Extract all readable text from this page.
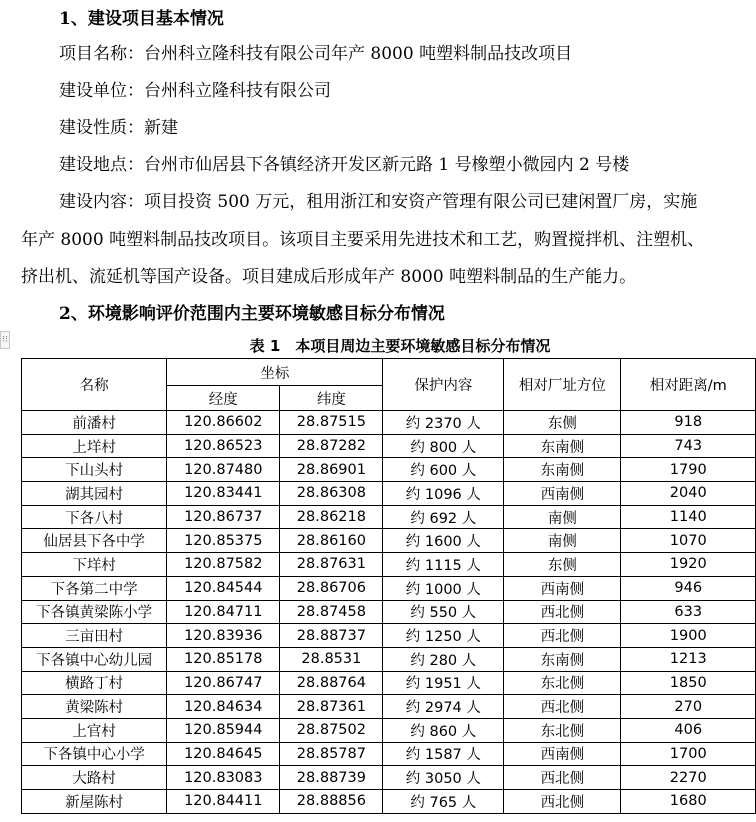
1、建设项目基本情况
项目名称：台州科立隆科技有限公司年产 8000 吨塑料制品技改项目
建设单位：台州科立隆科技有限公司
建设性质：新建
建设地点：台州市仙居县下各镇经济开发区新元路 1 号橡塑小微园内 2 号楼
建设内容：项目投资 500 万元，租用浙江和安资产管理有限公司已建闲置厂房，实施
年产 8000 吨塑料制品技改项目。该项目主要采用先进技术和工艺，购置搅拌机、注塑机、
挤出机、流延机等国产设备。项目建成后形成年产 8000 吨塑料制品的生产能力。
2、环境影响评价范围内主要环境敏感目标分布情况
⁝⁝	表 1　本项目周边主要环境敏感目标分布情况
名称	坐标		保护内容	相对厂址方位	相对距离/m
	经度	纬度			
前潘村	120.86602	28.87515	约 2370 人	东侧	918
上垟村	120.86523	28.87282	约 800 人	东南侧	743
下山头村	120.87480	28.86901	约 600 人	东南侧	1790
湖其园村	120.83441	28.86308	约 1096 人	西南侧	2040
下各八村	120.86737	28.86218	约 692 人	南侧	1140
仙居县下各中学	120.85375	28.86160	约 1600 人	南侧	1070
下垟村	120.87582	28.87631	约 1115 人	东侧	1920
下各第二中学	120.84544	28.86706	约 1000 人	西南侧	946
下各镇黄梁陈小学	120.84711	28.87458	约 550 人	西北侧	633
三亩田村	120.83936	28.88737	约 1250 人	西北侧	1900
下各镇中心幼儿园	120.85178	28.8531	约 280 人	东南侧	1213
横路丁村	120.86747	28.88764	约 1951 人	东北侧	1850
黄梁陈村	120.84634	28.87361	约 2974 人	西北侧	270
上官村	120.85944	28.87502	约 860 人	东北侧	406
下各镇中心小学	120.84645	28.85787	约 1587 人	西南侧	1700
大路村	120.83083	28.88739	约 3050 人	西北侧	2270
新屋陈村	120.84411	28.88856	约 765 人	西北侧	1680
